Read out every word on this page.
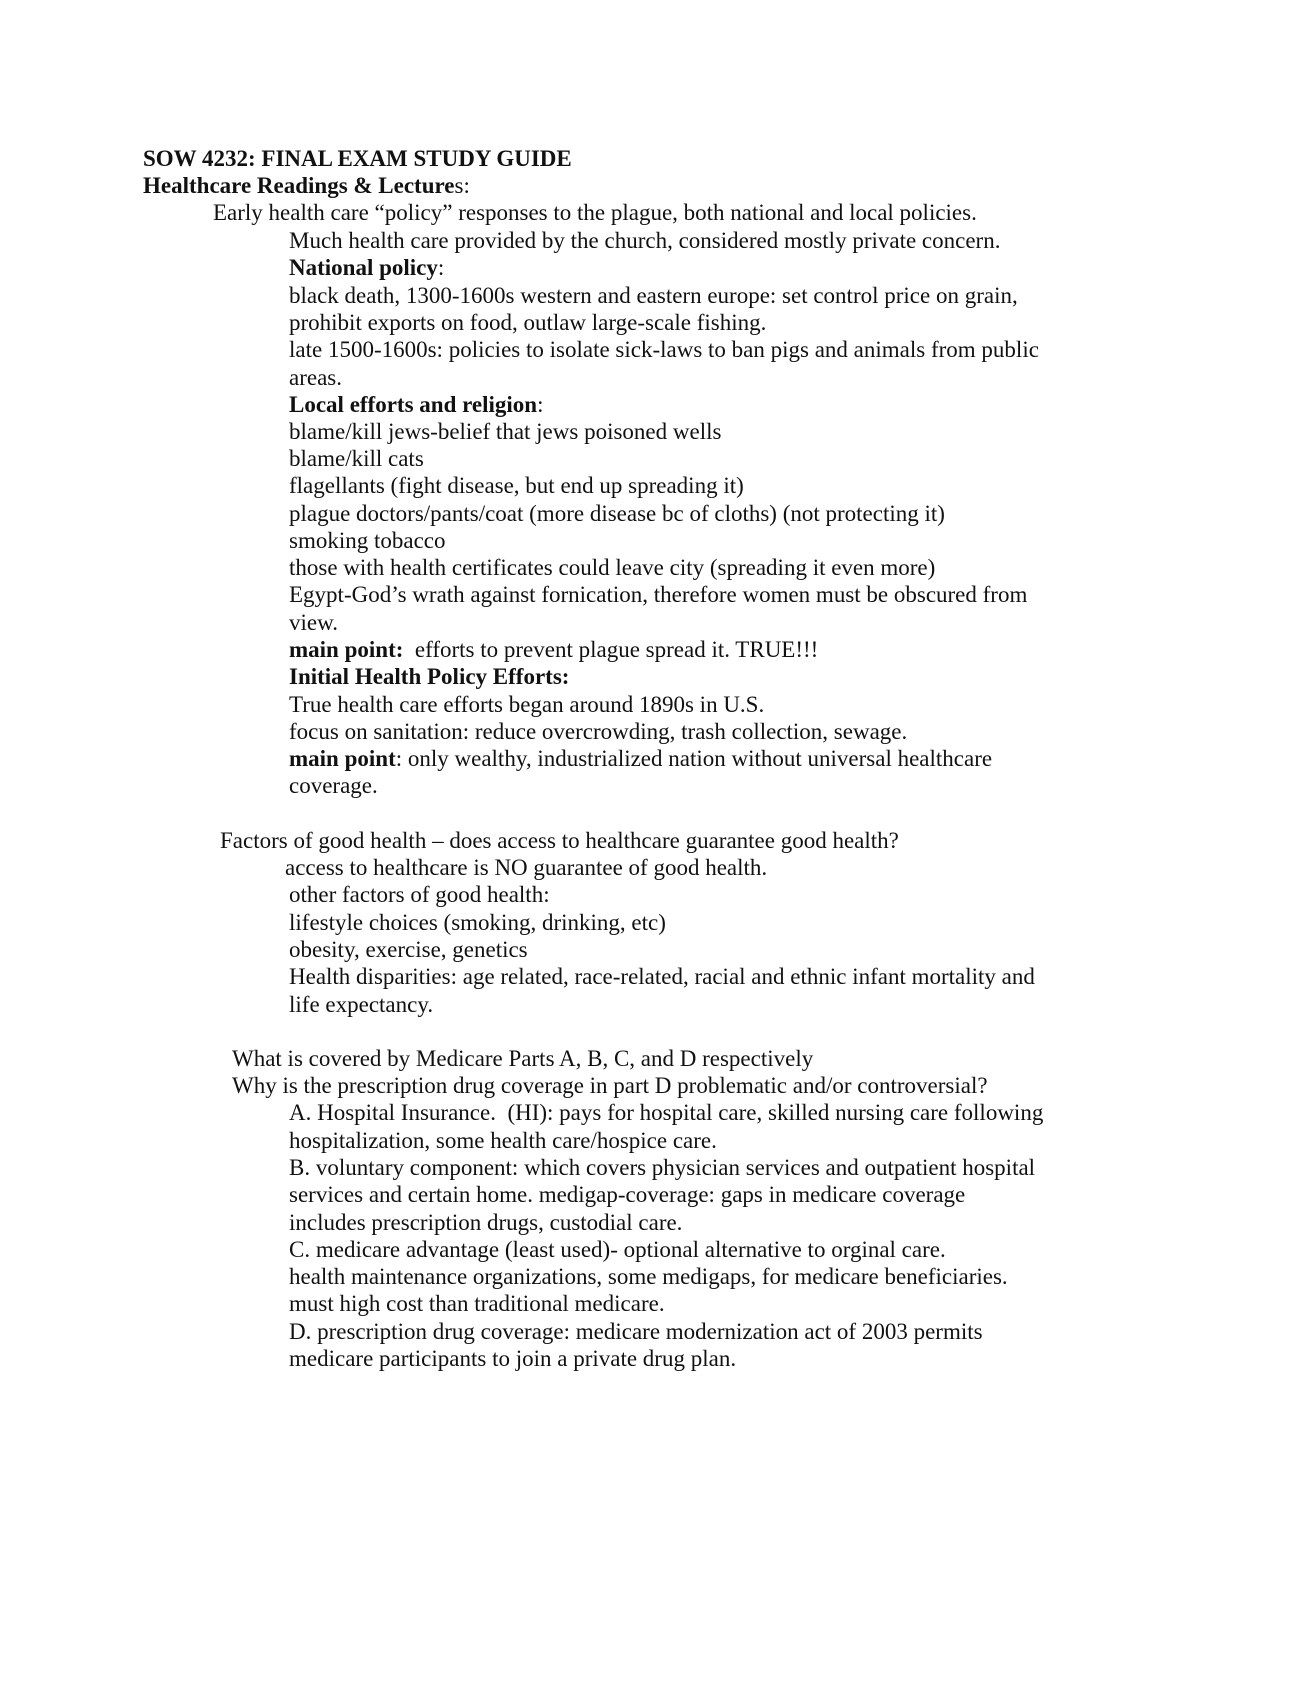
SOW 4232: FINAL EXAM STUDY GUIDE
Healthcare Readings & Lectures:
Early health care “policy” responses to the plague, both national and local policies.
Much health care provided by the church, considered mostly private concern.
National policy:
black death, 1300-1600s western and eastern europe: set control price on grain,
prohibit exports on food, outlaw large-scale fishing.
late 1500-1600s: policies to isolate sick-laws to ban pigs and animals from public
areas.
Local efforts and religion:
blame/kill jews-belief that jews poisoned wells
blame/kill cats
flagellants (fight disease, but end up spreading it)
plague doctors/pants/coat (more disease bc of cloths) (not protecting it)
smoking tobacco
those with health certificates could leave city (spreading it even more)
Egypt-God’s wrath against fornication, therefore women must be obscured from
view.
main point:  efforts to prevent plague spread it. TRUE!!!
Initial Health Policy Efforts:
True health care efforts began around 1890s in U.S.
focus on sanitation: reduce overcrowding, trash collection, sewage.
main point: only wealthy, industrialized nation without universal healthcare
coverage.
Factors of good health – does access to healthcare guarantee good health?
access to healthcare is NO guarantee of good health.
other factors of good health:
lifestyle choices (smoking, drinking, etc)
obesity, exercise, genetics
Health disparities: age related, race-related, racial and ethnic infant mortality and
life expectancy.
What is covered by Medicare Parts A, B, C, and D respectively
Why is the prescription drug coverage in part D problematic and/or controversial?
A. Hospital Insurance.  (HI): pays for hospital care, skilled nursing care following
hospitalization, some health care/hospice care.
B. voluntary component: which covers physician services and outpatient hospital
services and certain home. medigap-coverage: gaps in medicare coverage
includes prescription drugs, custodial care.
C. medicare advantage (least used)- optional alternative to orginal care.
health maintenance organizations, some medigaps, for medicare beneficiaries.
must high cost than traditional medicare.
D. prescription drug coverage: medicare modernization act of 2003 permits
medicare participants to join a private drug plan.
